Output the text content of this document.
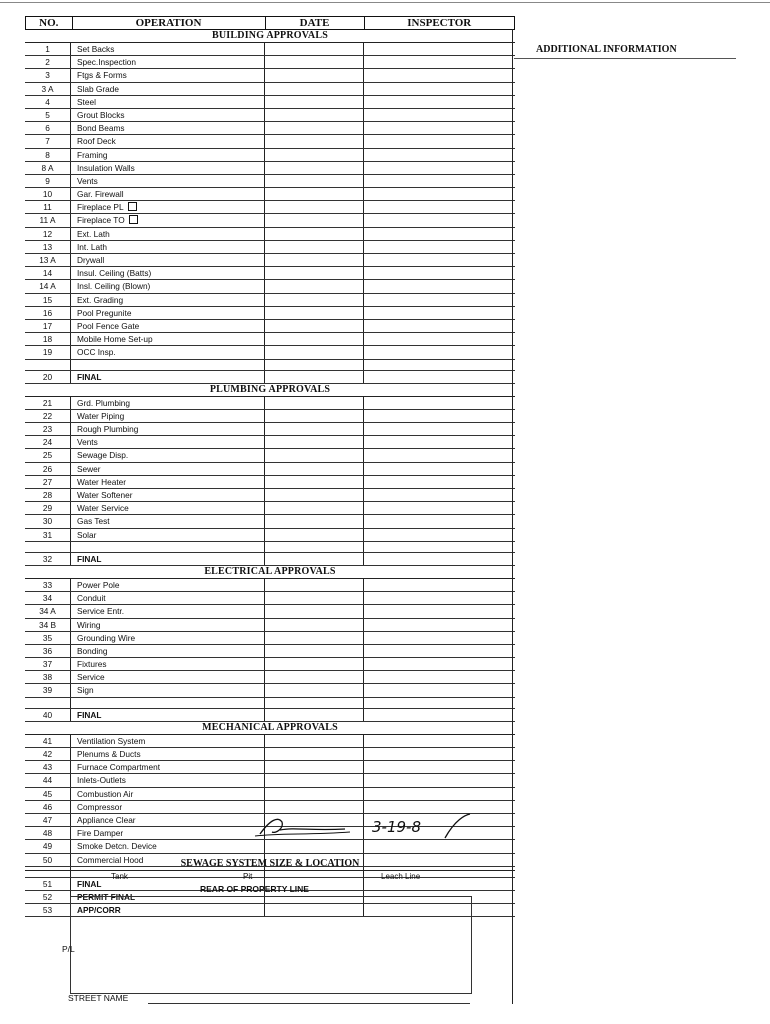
NO.	OPERATION	DATE	INSPECTOR
BUILDING APPROVALS
1	Set Backs
2	Spec.Inspection
3	Ftgs & Forms
3 A	Slab Grade
4	Steel
5	Grout Blocks
6	Bond Beams
7	Roof Deck
8	Framing
8 A	Insulation Walls
9	Vents
10	Gar. Firewall
11	Fireplace PL
11 A	Fireplace TO
12	Ext. Lath
13	Int. Lath
13 A	Drywall
14	Insul. Ceiling (Batts)
14 A	Insl. Ceiling (Blown)
15	Ext. Grading
16	Pool Pregunite
17	Pool Fence Gate
18	Mobile Home Set-up
19	OCC Insp.
20	FINAL
PLUMBING APPROVALS
21	Grd. Plumbing
22	Water Piping
23	Rough Plumbing
24	Vents
25	Sewage Disp.
26	Sewer
27	Water Heater
28	Water Softener
29	Water Service
30	Gas Test
31	Solar
32	FINAL
ELECTRICAL APPROVALS
33	Power Pole
34	Conduit
34 A	Service Entr.
34 B	Wiring
35	Grounding Wire
36	Bonding
37	Fixtures
38	Service
39	Sign
40	FINAL
MECHANICAL APPROVALS
41	Ventilation System
42	Plenums & Ducts
43	Furnace Compartment
44	Inlets-Outlets
45	Combustion Air
46	Compressor
47	Appliance Clear
48	Fire Damper
49	Smoke Detcn. Device
50	Commercial Hood
51	FINAL
52	PERMIT FINAL
53	APP/CORR
ADDITIONAL INFORMATION
3-19-8
SEWAGE SYSTEM SIZE & LOCATION
Tank	Pit	Leach Line
REAR OF PROPERTY LINE
P/L
STREET NAME
